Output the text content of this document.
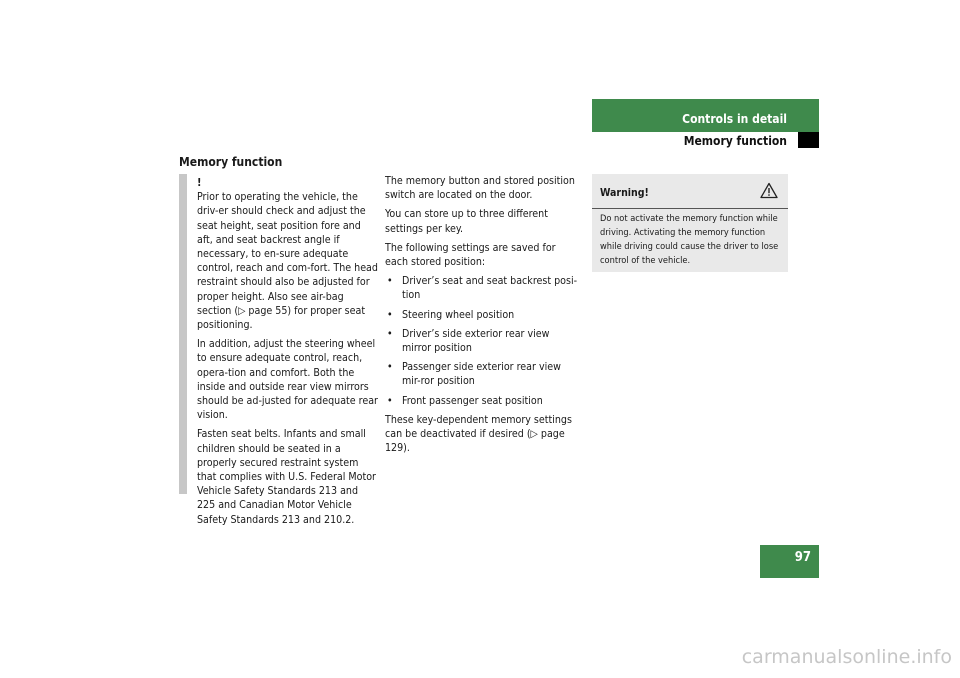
Controls in detail
Memory function
Memory function
!

Prior to operating the vehicle, the driv-er should check and adjust the seat height, seat position fore and aft, and seat backrest angle if necessary, to en-sure adequate control, reach and com-fort. The head restraint should also be adjusted for proper height. Also see air-bag section (▷ page 55) for proper seat positioning.

In addition, adjust the steering wheel to ensure adequate control, reach, opera-tion and comfort. Both the inside and outside rear view mirrors should be ad-justed for adequate rear vision.

Fasten seat belts. Infants and small children should be seated in a properly secured restraint system that complies with U.S. Federal Motor Vehicle Safety Standards 213 and 225 and Canadian Motor Vehicle Safety Standards 213 and 210.2.

The memory button and stored position switch are located on the door.

You can store up to three different settings per key.

The following settings are saved for each stored position:

• Driver’s seat and seat backrest posi-tion
• Steering wheel position
• Driver’s side exterior rear view mirror position
• Passenger side exterior rear view mir-ror position
• Front passenger seat position

These key-dependent memory settings can be deactivated if desired (▷ page 129).

Warning!
Do not activate the memory function while driving. Activating the memory function while driving could cause the driver to lose control of the vehicle.
97
carmanualsonline.info
